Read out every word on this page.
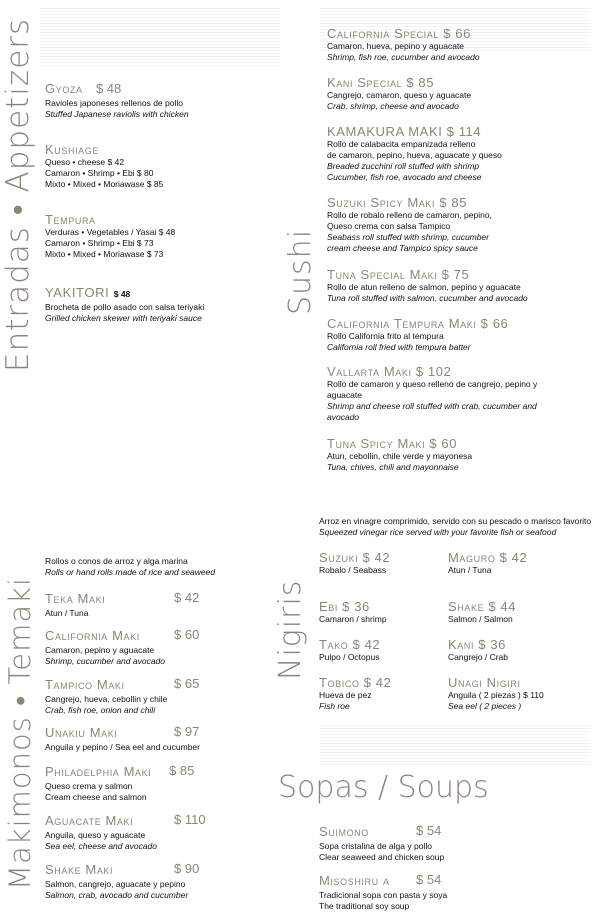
Entradas • Appetizers Gyoza $ 48
Ravioles japoneses rellenos de pollo
Stuffed Japanese raviolis with chicken
Kushiage
Queso • cheese $ 42
Camaron • Shrimp • Ebi $ 80
Mixto • Mixed • Moriawase $ 85
Tempura
Verduras • Vegetables / Yasai $ 48
Camaron • Shrimp • Ebi $ 73
Mixto • Mixed • Moriawase $ 73
YAKITORI $ 48
Brocheta de pollo asado con salsa teriyaki
Grilled chicken skewer with teriyaki sauce
Sushi
California Special $ 66
Camaron, hueva, pepino y aguacate
Shrimp, fish roe, cucumber and avocado
Kani Special $ 85
Cangrejo, camaron, queso y aguacate
Crab, shrimp, cheese and avocado
KAMAKURA MAKI $ 114
Rollo de calabacita empanizada relleno
de camaron, pepino, hueva, aguacate y queso
Breaded zucchini roll stuffed with shrimp
Cucumber, fish roe, avocado and cheese
Suzuki Spicy Maki $ 85
Rollo de robalo relleno de camaron, pepino,
Queso crema con salsa Tampico
Seabass roll stuffed with shrimp, cucumber
cream cheese and Tampico spicy sauce
Tuna Special Maki $ 75
Rollo de atun relleno de salmon, pepino y aguacate
Tuna roll stuffed with salmon, cucumber and avocado
California Tempura Maki $ 66
Rollo California frito al tempura
California roll fried with tempura batter
Vallarta Maki $ 102
Rollo de camaron y queso relleno de cangrejo, pepino y
aguacate
Shrimp and cheese roll stuffed with crab, cucumber and
avocado
Tuna Spicy Maki $ 60
Atun, cebollin, chile verde y mayonesa
Tuna, chives, chili and mayonnaise
Makimonos • Temaki
Rollos o conos de arroz y alga marina
Rolls or hand rolls made of rice and seaweed
Teka Maki	$ 42
Atun / Tuna
California Maki	$ 60
Camaron, pepino y aguacate
Shrimp, cucumber and avocado
Tampico Maki	$ 65
Cangrejo, hueva, cebollin y chile
Crab, fish roe, onion and chili
Unakiu Maki	$ 97
Anguila y pepino / Sea eel and cucumber
Philadelphia Maki $ 85
Queso crema y salmon
Cream cheese and salmon
Aguacate Maki	$ 110
Anguila, queso y aguacate
Sea eel, cheese and avocado
Shake Maki	$ 90
Salmon, cangrejo, aguacate y pepino
Salmon, crab, avocado and cucumber
Nigiris
Arroz en vinagre comprimido, servido con su pescado o marisco favorito
Squeezed vinegar rice served with your favorite fish or seafood
Suzuki $ 42
Robalo / Seabass
Maguro $ 42
Atun / Tuna
Ebi $ 36
Camaron / shrimp
Shake $ 44
Salmon / Salmon
Tako $ 42
Pulpo / Octopus
Kani $ 36
Cangrejo / Crab
Tobico $ 42
Hueva de pez
Fish roe
Unagi Nigiri
Anguila ( 2 piezas ) $ 110
Sea eel ( 2 pieces )
Sopas / Soups
Suimono	$ 54
Sopa cristalina de alga y pollo
Clear seaweed and chicken soup
Misoshiru a $ 54
Tradicional sopa con pasta y soya
The traditional soy soup
